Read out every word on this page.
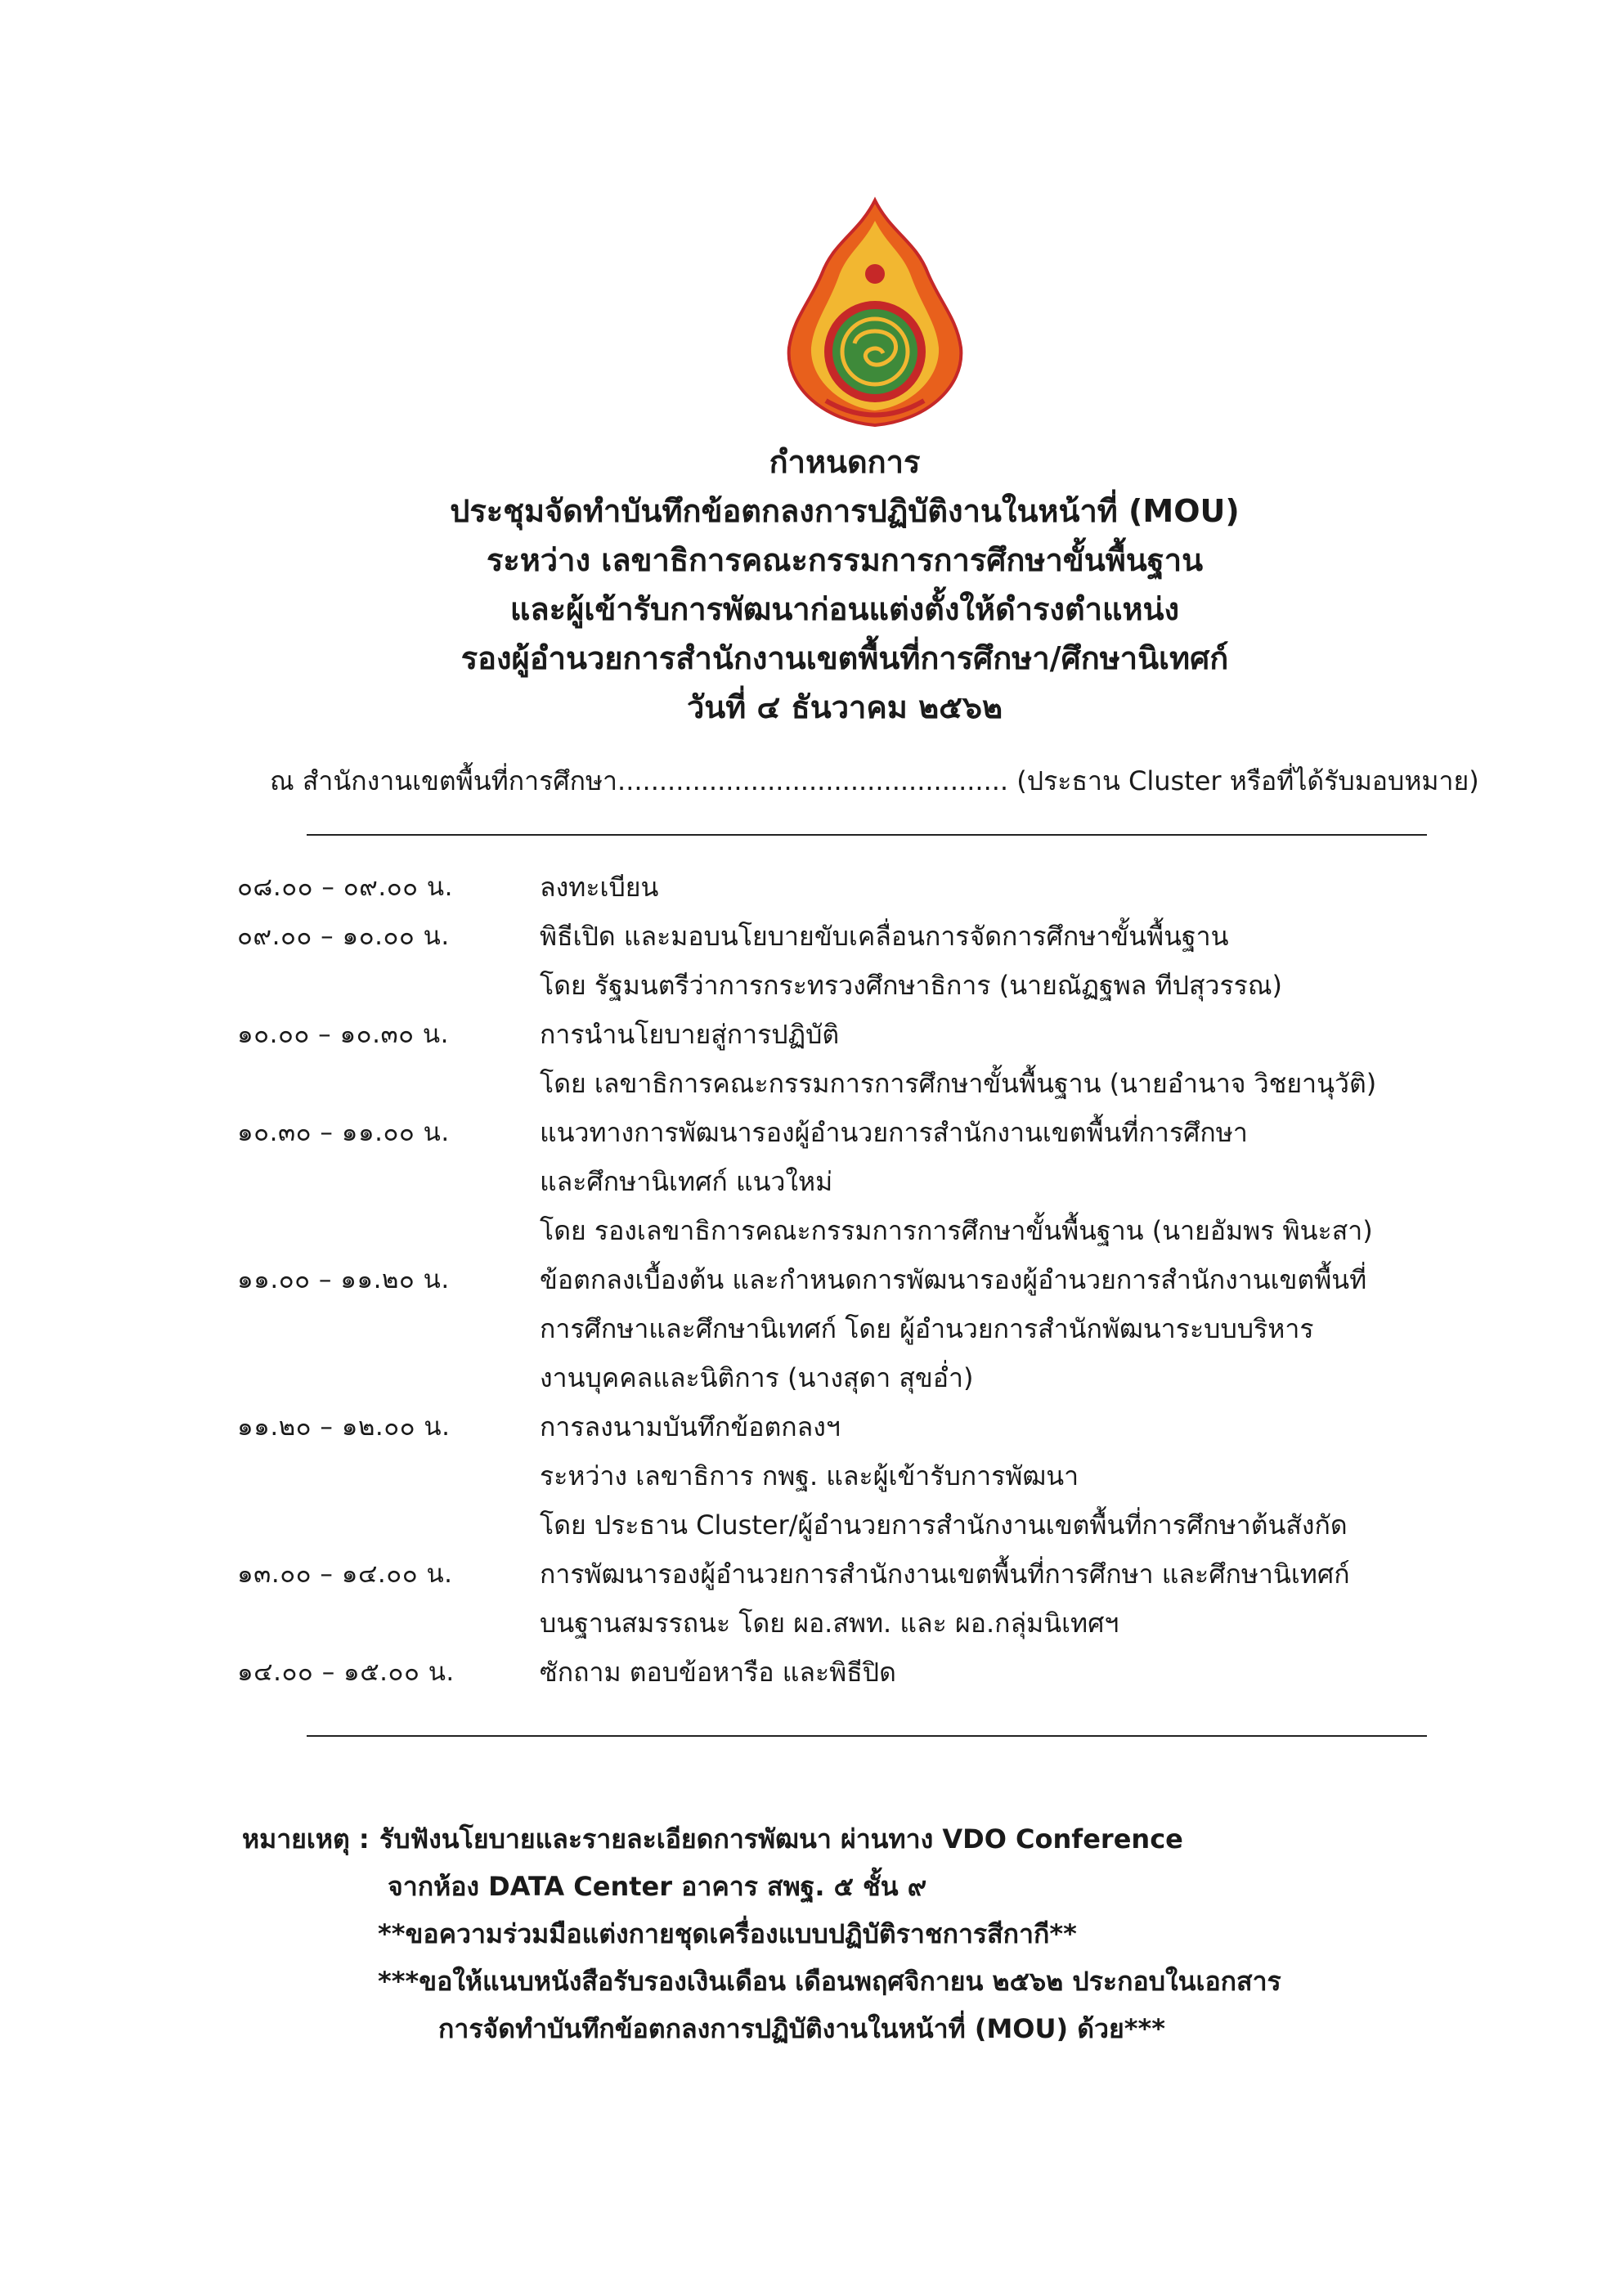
กำหนดการ
ประชุมจัดทำบันทึกข้อตกลงการปฏิบัติงานในหน้าที่ (MOU)
ระหว่าง เลขาธิการคณะกรรมการการศึกษาขั้นพื้นฐาน
และผู้เข้ารับการพัฒนาก่อนแต่งตั้งให้ดำรงตำแหน่ง
รองผู้อำนวยการสำนักงานเขตพื้นที่การศึกษา/ศึกษานิเทศก์
วันที่ ๔ ธันวาคม ๒๕๖๒
ณ สำนักงานเขตพื้นที่การศึกษา............................................... (ประธาน Cluster หรือที่ได้รับมอบหมาย)
๐๘.๐๐ – ๐๙.๐๐ น.	ลงทะเบียน
๐๙.๐๐ – ๑๐.๐๐ น.	พิธีเปิด และมอบนโยบายขับเคลื่อนการจัดการศึกษาขั้นพื้นฐาน
โดย รัฐมนตรีว่าการกระทรวงศึกษาธิการ (นายณัฏฐพล ทีปสุวรรณ)
๑๐.๐๐ – ๑๐.๓๐ น.	การนำนโยบายสู่การปฏิบัติ
โดย เลขาธิการคณะกรรมการการศึกษาขั้นพื้นฐาน (นายอำนาจ วิชยานุวัติ)
๑๐.๓๐ – ๑๑.๐๐ น.	แนวทางการพัฒนารองผู้อำนวยการสำนักงานเขตพื้นที่การศึกษา
และศึกษานิเทศก์ แนวใหม่
โดย รองเลขาธิการคณะกรรมการการศึกษาขั้นพื้นฐาน (นายอัมพร พินะสา)
๑๑.๐๐ – ๑๑.๒๐ น.	ข้อตกลงเบื้องต้น และกำหนดการพัฒนารองผู้อำนวยการสำนักงานเขตพื้นที่
การศึกษาและศึกษานิเทศก์ โดย ผู้อำนวยการสำนักพัฒนาระบบบริหาร
งานบุคคลและนิติการ (นางสุดา สุขอ่ำ)
๑๑.๒๐ – ๑๒.๐๐ น.	การลงนามบันทึกข้อตกลงฯ
ระหว่าง เลขาธิการ กพฐ. และผู้เข้ารับการพัฒนา
โดย ประธาน Cluster/ผู้อำนวยการสำนักงานเขตพื้นที่การศึกษาต้นสังกัด
๑๓.๐๐ – ๑๔.๐๐ น.	การพัฒนารองผู้อำนวยการสำนักงานเขตพื้นที่การศึกษา และศึกษานิเทศก์
บนฐานสมรรถนะ โดย ผอ.สพท. และ ผอ.กลุ่มนิเทศฯ
๑๔.๐๐ – ๑๕.๐๐ น.	ซักถาม ตอบข้อหารือ และพิธีปิด
หมายเหตุ : รับฟังนโยบายและรายละเอียดการพัฒนา ผ่านทาง VDO Conference
จากห้อง DATA Center อาคาร สพฐ. ๕ ชั้น ๙
**ขอความร่วมมือแต่งกายชุดเครื่องแบบปฏิบัติราชการสีกากี**
***ขอให้แนบหนังสือรับรองเงินเดือน เดือนพฤศจิกายน ๒๕๖๒ ประกอบในเอกสาร
การจัดทำบันทึกข้อตกลงการปฏิบัติงานในหน้าที่ (MOU) ด้วย***
